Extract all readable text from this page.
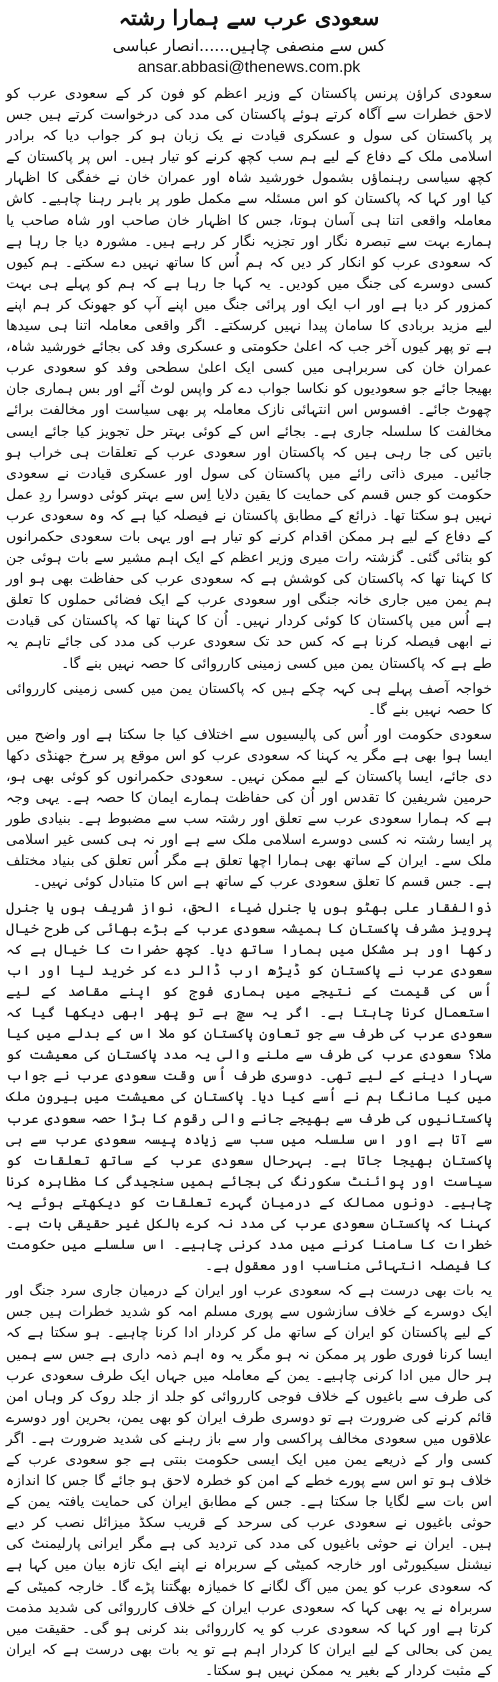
سعودی عرب سے ہمارا رشتہ
کس سے منصفی چاہیں......انصار عباسی
ansar.abbasi@thenews.com.pk

سعودی کراؤن پرنس پاکستان کے وزیر اعظم کو فون کر کے سعودی عرب کو لاحق خطرات سے آگاہ کرتے ہوئے پاکستان کی مدد کی درخواست کرتے ہیں جس پر پاکستان کی سول و عسکری قیادت نے یک زبان ہو کر جواب دیا کہ برادر اسلامی ملک کے دفاع کے لیے ہم سب کچھ کرنے کو تیار ہیں۔ اس پر پاکستان کے کچھ سیاسی رہنماؤں بشمول خورشید شاہ اور عمران خان نے خفگی کا اظہار کیا اور کہا کہ پاکستان کو اس مسئلہ سے مکمل طور پر باہر رہنا چاہیے۔ کاش معاملہ واقعی اتنا ہی آسان ہوتا، جس کا اظہار خان صاحب اور شاہ صاحب یا ہمارے بہت سے تبصرہ نگار اور تجزیہ نگار کر رہے ہیں۔ مشورہ دیا جا رہا ہے کہ سعودی عرب کو انکار کر دیں کہ ہم اُس کا ساتھ نہیں دے سکتے۔ ہم کیوں کسی دوسرے کی جنگ میں کودیں۔ یہ کہا جا رہا ہے کہ ہم کو پہلے ہی بہت کمزور کر دیا ہے اور اب ایک اور پرائی جنگ میں اپنے آپ کو جھونک کر ہم اپنے لیے مزید بربادی کا سامان پیدا نہیں کرسکتے۔ اگر واقعی معاملہ اتنا ہی سیدھا ہے تو پھر کیوں آخر جب کہ اعلیٰ حکومتی و عسکری وفد کی بجائے خورشید شاہ، عمران خان کی سربراہی میں کسی ایک اعلیٰ سطحی وفد کو سعودی عرب بھیجا جائے جو سعودیوں کو نکاسا جواب دے کر واپس لوٹ آئے اور بس ہماری جان چھوٹ جائے۔ افسوس اس انتہائی نازک معاملہ پر بھی سیاست اور مخالفت برائے مخالفت کا سلسلہ جاری ہے۔ بجائے اس کے کوئی بہتر حل تجویز کیا جائے ایسی باتیں کی جا رہی ہیں کہ پاکستان اور سعودی عرب کے تعلقات ہی خراب ہو جائیں۔ میری ذاتی رائے میں پاکستان کی سول اور عسکری قیادت نے سعودی حکومت کو جس قسم کی حمایت کا یقین دلایا اِس سے بہتر کوئی دوسرا ردِ عمل نہیں ہو سکتا تھا۔ ذرائع کے مطابق پاکستان نے فیصلہ کیا ہے کہ وہ سعودی عرب کے دفاع کے لیے ہر ممکن اقدام کرنے کو تیار ہے اور یہی بات سعودی حکمرانوں کو بتائی گئی۔ گزشتہ رات میری وزیر اعظم کے ایک اہم مشیر سے بات ہوئی جن کا کہنا تھا کہ پاکستان کی کوشش ہے کہ سعودی عرب کی حفاظت بھی ہو اور ہم یمن میں جاری خانہ جنگی اور سعودی عرب کے ایک فضائی حملوں کا تعلق ہے اُس میں پاکستان کا کوئی کردار نہیں۔ اُن کا کہنا تھا کہ پاکستان کی قیادت نے ابھی فیصلہ کرنا ہے کہ کس حد تک سعودی عرب کی مدد کی جائے تاہم یہ طے ہے کہ پاکستان یمن میں کسی زمینی کارروائی کا حصہ نہیں بنے گا۔

خواجہ آصف پہلے ہی کہہ چکے ہیں کہ پاکستان یمن میں کسی زمینی کارروائی کا حصہ نہیں بنے گا۔

سعودی حکومت اور اُس کی پالیسیوں سے اختلاف کیا جا سکتا ہے اور واضح میں ایسا ہوا بھی ہے مگر یہ کہنا کہ سعودی عرب کو اس موقع پر سرخ جھنڈی دکھا دی جائے، ایسا پاکستان کے لیے ممکن نہیں۔ سعودی حکمرانوں کو کوئی بھی ہو، حرمین شریفین کا تقدس اور اُن کی حفاظت ہمارے ایمان کا حصہ ہے۔ یہی وجہ ہے کہ ہمارا سعودی عرب سے تعلق اور رشتہ سب سے مضبوط ہے۔ بنیادی طور پر ایسا رشتہ نہ کسی دوسرے اسلامی ملک سے ہے اور نہ ہی کسی غیر اسلامی ملک سے۔ ایران کے ساتھ بھی ہمارا اچھا تعلق ہے مگر اُس تعلق کی بنیاد مختلف ہے۔ جس قسم کا تعلق سعودی عرب کے ساتھ ہے اس کا متبادل کوئی نہیں۔

ذوالفقار علی بھٹو ہوں یا جنرل ضیاء الحق، نواز شریف ہوں یا جنرل پرویز مشرف پاکستان کا ہمیشہ سعودی عرب کے بڑے بھائی کی طرح خیال رکھا اور ہر مشکل میں ہمارا ساتھ دیا۔ کچھ حضرات کا خیال ہے کہ سعودی عرب نے پاکستان کو ڈیڑھ ارب ڈالر دے کر خرید لیا اور اب اُس کی قیمت کے نتیجے میں ہماری فوج کو اپنے مقاصد کے لیے استعمال کرنا چاہتا ہے۔ اگر یہ سچ ہے تو پھر ابھی دیکھا گیا کہ سعودی عرب کی طرف سے جو تعاون پاکستان کو ملا اس کے بدلے میں کیا ملا؟ سعودی عرب کی طرف سے ملنے والی یہ مدد پاکستان کی معیشت کو سہارا دینے کے لیے تھی۔ دوسری طرف اُس وقت سعودی عرب نے جواب میں کیا مانگا ہم نے اُسے کیا دیا۔ پاکستان کی معیشت میں بیرون ملک پاکستانیوں کی طرف سے بھیجے جانے والی رقوم کا بڑا حصہ سعودی عرب سے آتا ہے اور اس سلسلہ میں سب سے زیادہ پیسہ سعودی عرب سے ہی پاکستان بھیجا جاتا ہے۔ بہرحال سعودی عرب کے ساتھ تعلقات کو سیاست اور پوائنٹ سکورنگ کی بجائے ہمیں سنجیدگی کا مظاہرہ کرنا چاہیے۔ دونوں ممالک کے درمیان گہرے تعلقات کو دیکھتے ہوئے یہ کہنا کہ پاکستان سعودی عرب کی مدد نہ کرے بالکل غیر حقیقی بات ہے۔ خطرات کا سامنا کرنے میں مدد کرنی چاہیے۔ اس سلسلے میں حکومت کا فیصلہ انتہائی مناسب اور معقول ہے۔

یہ بات بھی درست ہے کہ سعودی عرب اور ایران کے درمیان جاری سرد جنگ اور ایک دوسرے کے خلاف سازشوں سے پوری مسلم امہ کو شدید خطرات ہیں جس کے لیے پاکستان کو ایران کے ساتھ مل کر کردار ادا کرنا چاہیے۔ ہو سکتا ہے کہ ایسا کرنا فوری طور پر ممکن نہ ہو مگر یہ وہ اہم ذمہ داری ہے جس سے ہمیں ہر حال میں ادا کرنی چاہیے۔ یمن کے معاملہ میں جہاں ایک طرف سعودی عرب کی طرف سے باغیوں کے خلاف فوجی کارروائی کو جلد از جلد روک کر وہاں امن قائم کرنے کی ضرورت ہے تو دوسری طرف ایران کو بھی یمن، بحرین اور دوسرے علاقوں میں سعودی مخالف پراکسی وار سے باز رہنے کی شدید ضرورت ہے۔ اگر کسی وار کے ذریعے یمن میں ایک ایسی حکومت بنتی ہے جو سعودی عرب کے خلاف ہو تو اس سے پورے خطے کے امن کو خطرہ لاحق ہو جائے گا جس کا اندازہ اس بات سے لگایا جا سکتا ہے۔ جس کے مطابق ایران کی حمایت یافتہ یمن کے حوثی باغیوں نے سعودی عرب کی سرحد کے قریب سکڈ میزائل نصب کر دیے ہیں۔ ایران نے حوثی باغیوں کی مدد کی تردید کی ہے مگر ایرانی پارلیمنٹ کی نیشنل سیکیورٹی اور خارجہ کمیٹی کے سربراہ نے اپنے ایک تازہ بیان میں کہا ہے کہ سعودی عرب کو یمن میں آگ لگانے کا خمیازہ بھگتنا پڑے گا۔ خارجہ کمیٹی کے سربراہ نے یہ بھی کہا کہ سعودی عرب ایران کے خلاف کارروائی کی شدید مذمت کرتا ہے اور کہا کہ سعودی عرب کو یہ کارروائی بند کرنی ہو گی۔ حقیقت میں یمن کی بحالی کے لیے ایران کا کردار اہم ہے تو یہ بات بھی درست ہے کہ ایران کے مثبت کردار کے بغیر یہ ممکن نہیں ہو سکتا۔
